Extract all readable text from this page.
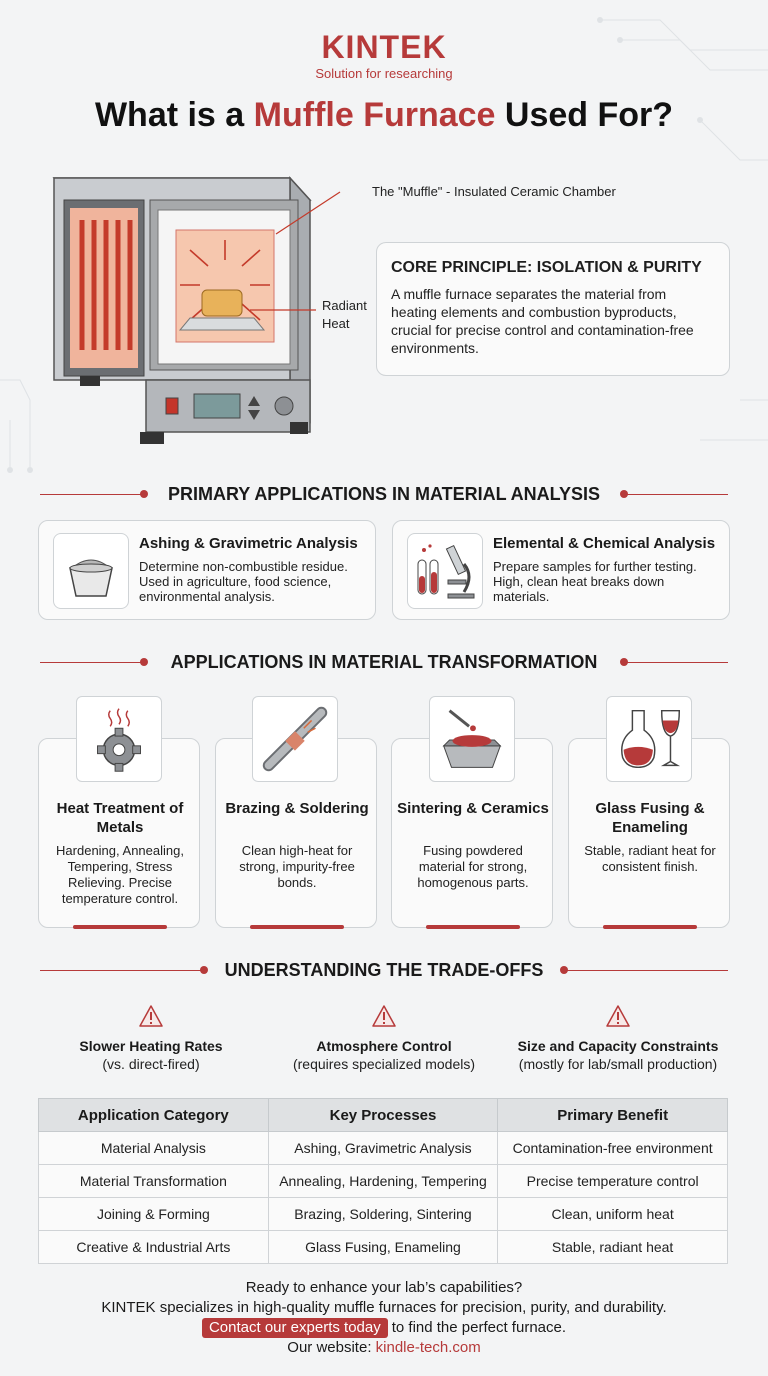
KINTEK
Solution for researching
What is a Muffle Furnace Used For?
The "Muffle" - Insulated Ceramic Chamber
Radiant
Heat
CORE PRINCIPLE: ISOLATION & PURITY
A muffle furnace separates the material from heating elements and combustion byproducts, crucial for precise control and contamination-free environments.
PRIMARY APPLICATIONS IN MATERIAL ANALYSIS
Ashing & Gravimetric Analysis
Determine non-combustible residue. Used in agriculture, food science, environmental analysis.
Elemental & Chemical Analysis
Prepare samples for further testing. High, clean heat breaks down materials.
APPLICATIONS IN MATERIAL TRANSFORMATION
Heat Treatment of Metals
Hardening, Annealing, Tempering, Stress Relieving. Precise temperature control.
Brazing & Soldering
Clean high-heat for strong, impurity-free bonds.
Sintering & Ceramics
Fusing powdered material for strong, homogenous parts.
Glass Fusing & Enameling
Stable, radiant heat for consistent finish.
UNDERSTANDING THE TRADE-OFFS
Slower Heating Rates
(vs. direct-fired)
Atmosphere Control
(requires specialized models)
Size and Capacity Constraints
(mostly for lab/small production)
Application Category	Key Processes	Primary Benefit
Material Analysis	Ashing, Gravimetric Analysis	Contamination-free environment
Material Transformation	Annealing, Hardening, Tempering	Precise temperature control
Joining & Forming	Brazing, Soldering, Sintering	Clean, uniform heat
Creative & Industrial Arts	Glass Fusing, Enameling	Stable, radiant heat
Ready to enhance your lab’s capabilities?
KINTEK specializes in high-quality muffle furnaces for precision, purity, and durability.
Contact our experts today to find the perfect furnace.
Our website: kindle-tech.com
